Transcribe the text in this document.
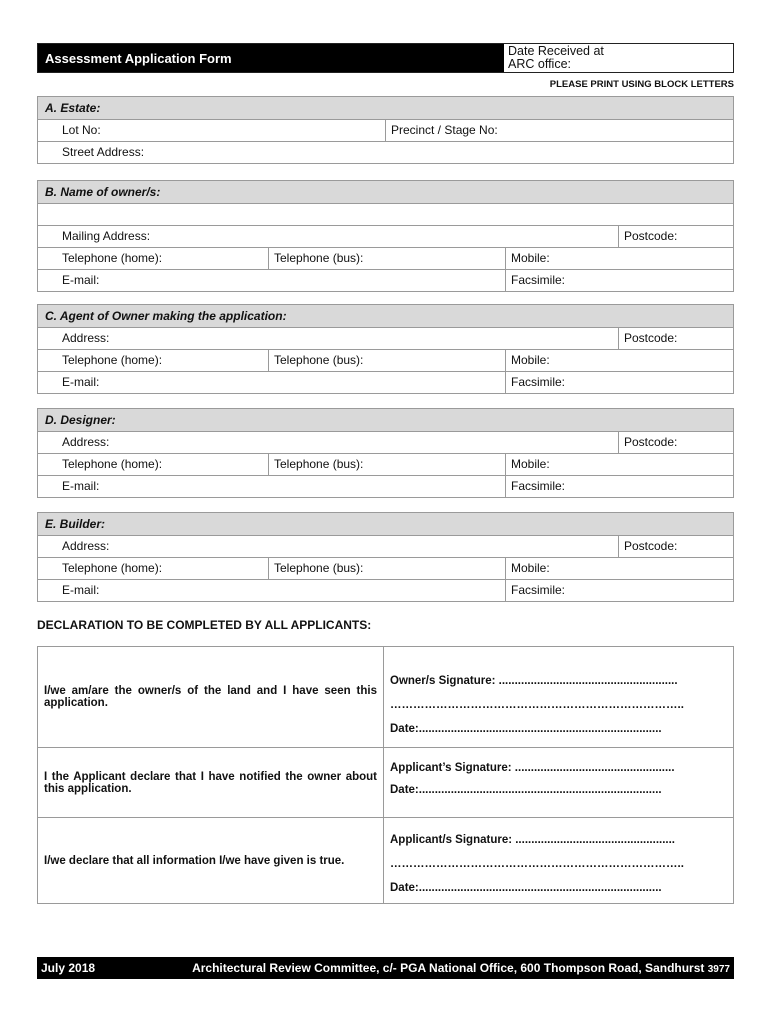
Assessment Application Form	Date Received at
ARC office:
PLEASE PRINT USING BLOCK LETTERS
A. Estate:
Lot No:	Precinct / Stage No:
Street Address:
B. Name of owner/s:
Mailing Address:	Postcode:
Telephone (home):	Telephone (bus):	Mobile:
E-mail:	Facsimile:
C. Agent of Owner making the application:
Address:	Postcode:
Telephone (home):	Telephone (bus):	Mobile:
E-mail:	Facsimile:
D. Designer:
Address:	Postcode:
Telephone (home):	Telephone (bus):	Mobile:
E-mail:	Facsimile:
E. Builder:
Address:	Postcode:
Telephone (home):	Telephone (bus):	Mobile:
E-mail:	Facsimile:
DECLARATION TO BE COMPLETED BY ALL APPLICANTS:
I/we am/are the owner/s of the land and I have seen this application.
Owner/s Signature: ........................................................
…………………………………………………………………..
Date:............................................................................
I the Applicant declare that I have notified the owner about this application.
Applicant’s Signature: ..................................................
Date:............................................................................
I/we declare that all information I/we have given is true.
Applicant/s Signature: ..................................................
…………………………………………………………………..
Date:............................................................................
July 2018	Architectural Review Committee, c/- PGA National Office, 600 Thompson Road, Sandhurst 3977
